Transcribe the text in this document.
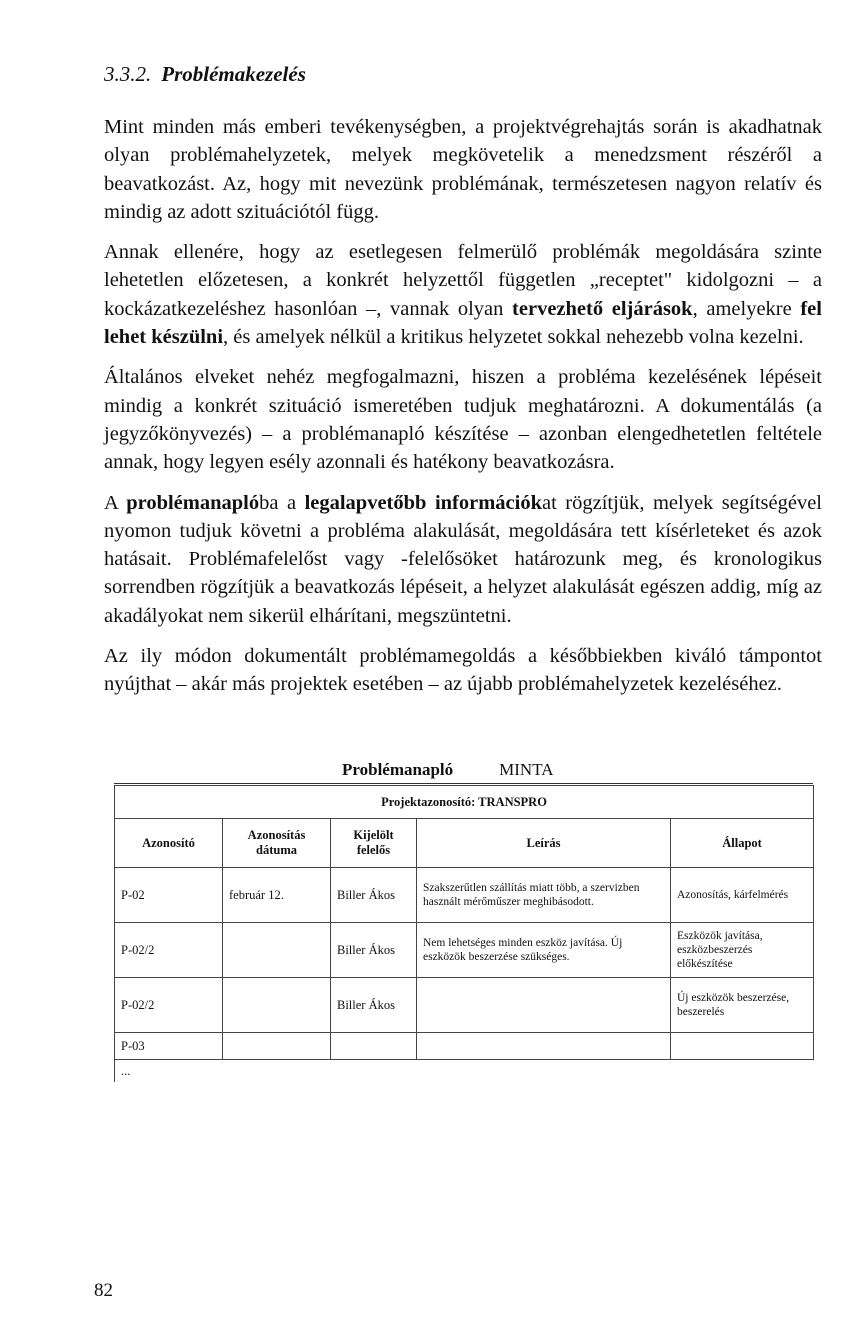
3.3.2. Problémakezelés

Mint minden más emberi tevékenységben, a projektvégrehajtás során is akadhatnak olyan problémahelyzetek, melyek megkövetelik a menedzsment részéről a beavatkozást. Az, hogy mit nevezünk problémának, természetesen nagyon relatív és mindig az adott szituációtól függ.

Annak ellenére, hogy az esetlegesen felmerülő problémák megoldására szinte lehetetlen előzetesen, a konkrét helyzettől független „receptet" kidolgozni – a kockázatkezeléshez hasonlóan –, vannak olyan tervezhető eljárások, amelyekre fel lehet készülni, és amelyek nélkül a kritikus helyzetet sokkal nehezebb volna kezelni.

Általános elveket nehéz megfogalmazni, hiszen a probléma kezelésének lépéseit mindig a konkrét szituáció ismeretében tudjuk meghatározni. A dokumentálás (a jegyzőkönyvezés) – a problémanapló készítése – azonban elengedhetetlen feltétele annak, hogy legyen esély azonnali és hatékony beavatkozásra.

A problémanaplóba a legalapvetőbb információkat rögzítjük, melyek segítségével nyomon tudjuk követni a probléma alakulását, megoldására tett kísérleteket és azok hatásait. Problémafelelőst vagy -felelősöket határozunk meg, és kronologikus sorrendben rögzítjük a beavatkozás lépéseit, a helyzet alakulását egészen addig, míg az akadályokat nem sikerül elhárítani, megszüntetni.

Az ily módon dokumentált problémamegoldás a későbbiekben kiváló támpontot nyújthat – akár más projektek esetében – az újabb problémahelyzetek kezeléséhez.

Problémanapló	MINTA
Projektazonosító: TRANSPRO				
Azonosító	Azonosítás dátuma	Kijelölt felelős	Leírás	Állapot
P-02	február 12.	Biller Ákos	Szakszerűtlen szállítás miatt több, a szervizben használt mérőműszer meghibásodott.	Azonosítás, kárfelmérés
P-02/2		Biller Ákos	Nem lehetséges minden eszköz javítása. Új eszközök beszerzése szükséges.	Eszközök javítása, eszközbeszerzés előkészítése
P-02/2		Biller Ákos		Új eszközök beszerzése, beszerelés
P-03				
...				
82
